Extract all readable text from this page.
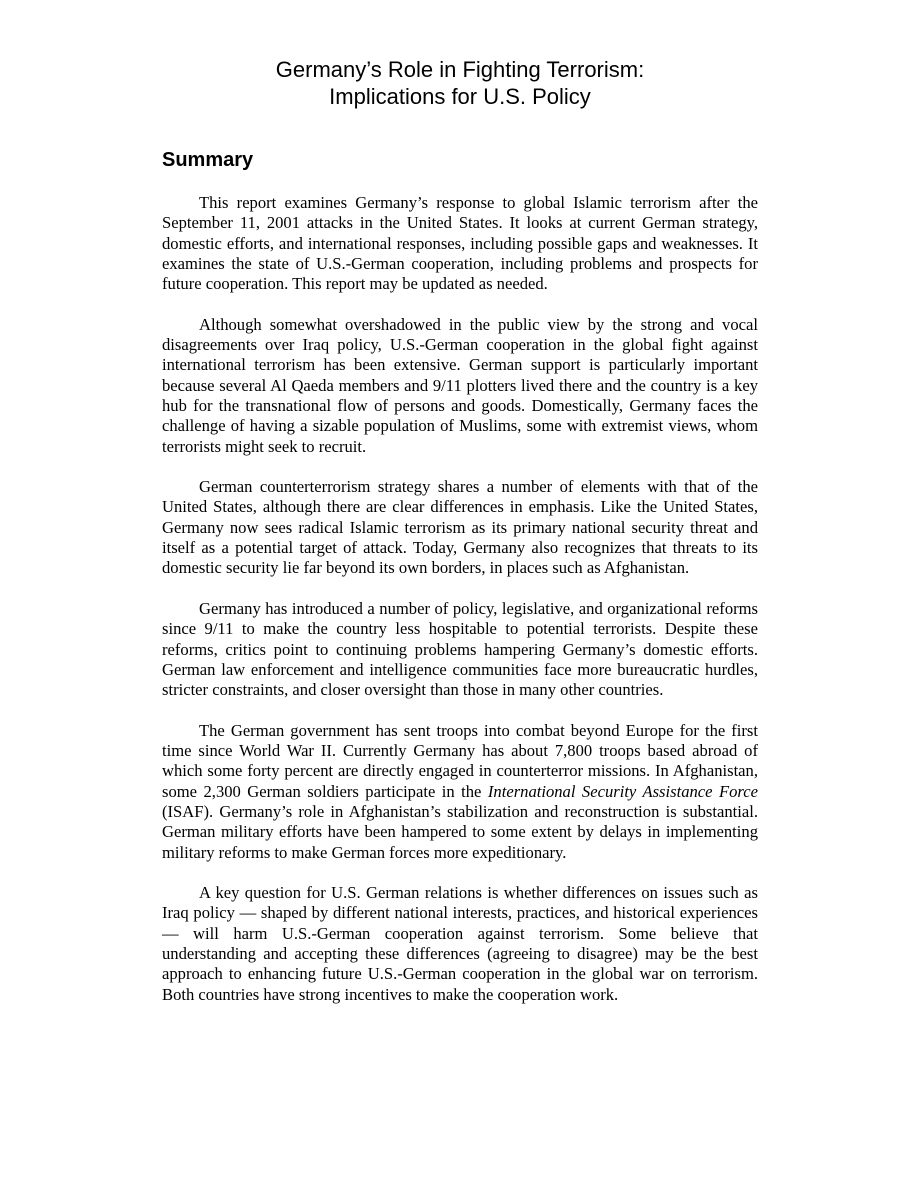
Germany’s Role in Fighting Terrorism:
Implications for U.S. Policy
Summary

This report examines Germany’s response to global Islamic terrorism after the September 11, 2001 attacks in the United States. It looks at current German strategy, domestic efforts, and international responses, including possible gaps and weaknesses. It examines the state of U.S.-German cooperation, including problems and prospects for future cooperation. This report may be updated as needed.

Although somewhat overshadowed in the public view by the strong and vocal disagreements over Iraq policy, U.S.-German cooperation in the global fight against international terrorism has been extensive. German support is particularly important because several Al Qaeda members and 9/11 plotters lived there and the country is a key hub for the transnational flow of persons and goods. Domestically, Germany faces the challenge of having a sizable population of Muslims, some with extremist views, whom terrorists might seek to recruit.

German counterterrorism strategy shares a number of elements with that of the United States, although there are clear differences in emphasis. Like the United States, Germany now sees radical Islamic terrorism as its primary national security threat and itself as a potential target of attack. Today, Germany also recognizes that threats to its domestic security lie far beyond its own borders, in places such as Afghanistan.

Germany has introduced a number of policy, legislative, and organizational reforms since 9/11 to make the country less hospitable to potential terrorists. Despite these reforms, critics point to continuing problems hampering Germany’s domestic efforts. German law enforcement and intelligence communities face more bureaucratic hurdles, stricter constraints, and closer oversight than those in many other countries.

The German government has sent troops into combat beyond Europe for the first time since World War II. Currently Germany has about 7,800 troops based abroad of which some forty percent are directly engaged in counterterror missions. In Afghanistan, some 2,300 German soldiers participate in the International Security Assistance Force (ISAF). Germany’s role in Afghanistan’s stabilization and reconstruction is substantial. German military efforts have been hampered to some extent by delays in implementing military reforms to make German forces more expeditionary.

A key question for U.S. German relations is whether differences on issues such as Iraq policy — shaped by different national interests, practices, and historical experiences — will harm U.S.-German cooperation against terrorism. Some believe that understanding and accepting these differences (agreeing to disagree) may be the best approach to enhancing future U.S.-German cooperation in the global war on terrorism. Both countries have strong incentives to make the cooperation work.
